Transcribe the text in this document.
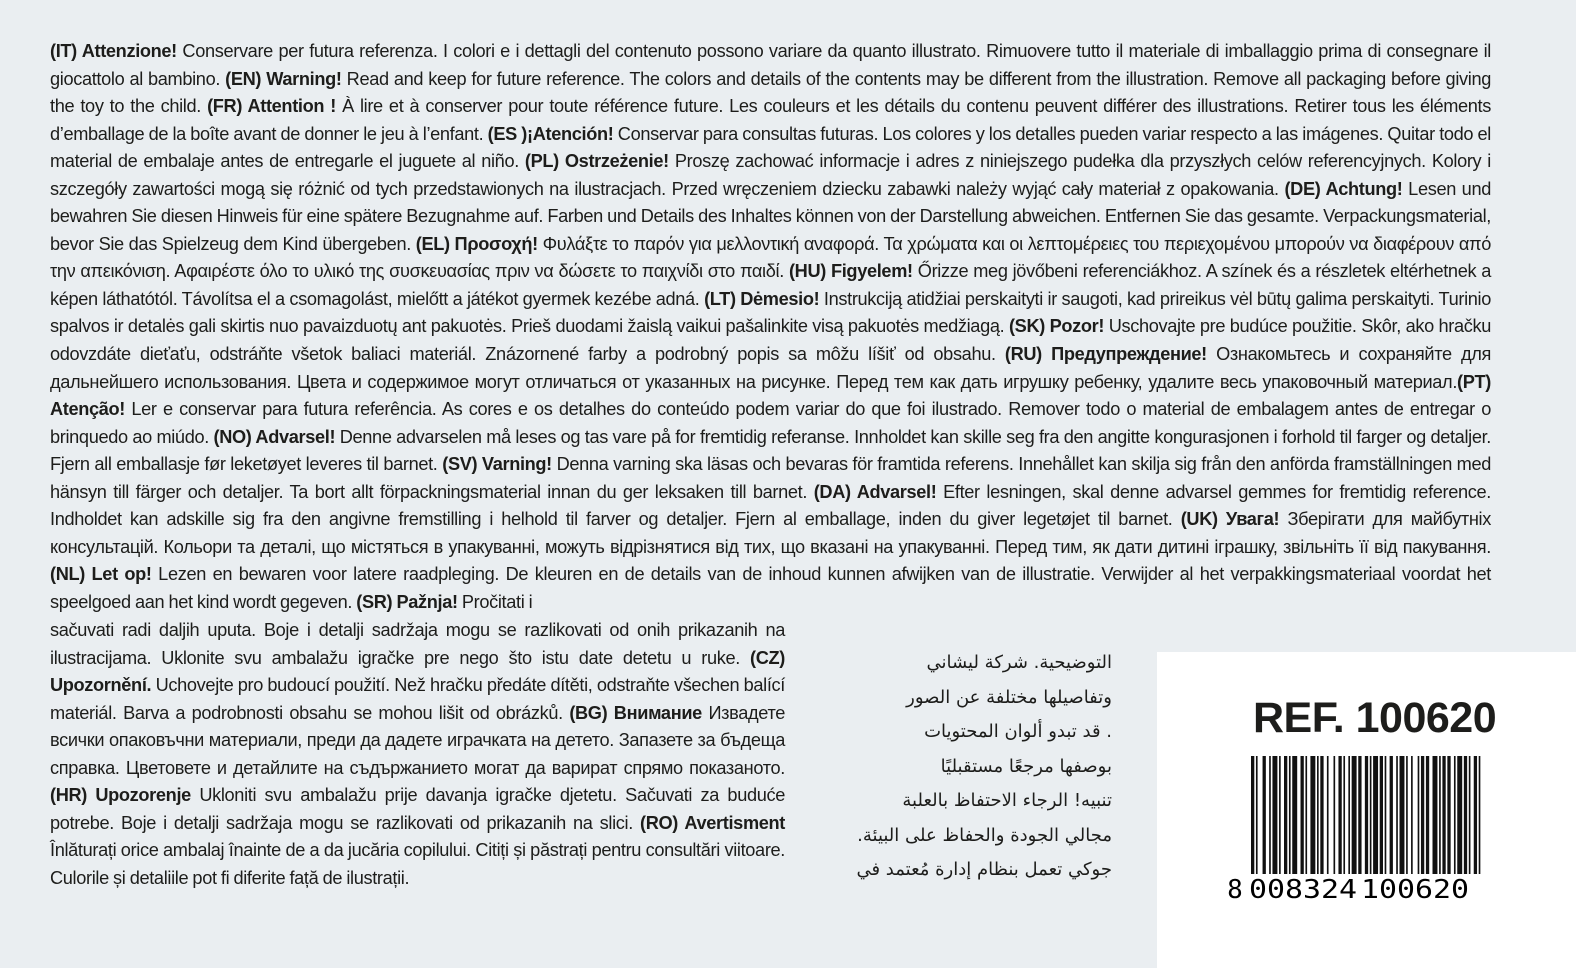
(IT) Attenzione! Conservare per futura referenza. I colori e i dettagli del contenuto possono variare da quanto illustrato. Rimuovere tutto il materiale di imballaggio prima di consegnare il giocattolo al bambino. (EN) Warning! Read and keep for future reference. The colors and details of the contents may be different from the illustration. Remove all packaging before giving the toy to the child. (FR) Attention ! À lire et à conserver pour toute référence future. Les couleurs et les détails du contenu peuvent différer des illustrations. Retirer tous les éléments d’emballage de la boîte avant de donner le jeu à l’enfant. (ES )¡Atención! Conservar para consultas futuras. Los colores y los detalles pueden variar respecto a las imágenes. Quitar todo el material de embalaje antes de entregarle el juguete al niño. (PL) Ostrzeżenie! Proszę zachować informacje i adres z niniejszego pudełka dla przyszłych celów referencyjnych. Kolory i szczegóły zawartości mogą się różnić od tych przedstawionych na ilustracjach. Przed wręczeniem dziecku zabawki należy wyjąć cały materiał z opakowania. (DE) Achtung! Lesen und bewahren Sie diesen Hinweis für eine spätere Bezugnahme auf. Farben und Details des Inhaltes können von der Darstellung abweichen. Entfernen Sie das gesamte. Verpackungsmaterial, bevor Sie das Spielzeug dem Kind übergeben. (EL) Προσοχή! Φυλάξτε το παρόν για μελλοντική αναφορά. Τα χρώματα και οι λεπτομέρειες του περιεχομένου μπορούν να διαφέρουν από την απεικόνιση. Αφαιρέστε όλο το υλικό της συσκευασίας πριν να δώσετε το παιχνίδι στο παιδί. (HU) Figyelem! Őrizze meg jövőbeni referenciákhoz. A színek és a részletek eltérhetnek a képen láthatótól. Távolítsa el a csomagolást, mielőtt a játékot gyermek kezébe adná. (LT) Dėmesio! Instrukciją atidžiai perskaityti ir saugoti, kad prireikus vėl būtų galima perskaityti. Turinio spalvos ir detalės gali skirtis nuo pavaizduotų ant pakuotės. Prieš duodami žaislą vaikui pašalinkite visą pakuotės medžiagą. (SK) Pozor! Uschovajte pre budúce použitie. Skôr, ako hračku odovzdáte dieťaťu, odstráňte všetok baliaci materiál. Znázornené farby a podrobný popis sa môžu líšiť od obsahu. (RU) Предупреждение! Ознакомьтесь и сохраняйте для дальнейшего использования. Цвета и содержимое могут отличаться от указанных на рисунке. Перед тем как дать игрушку ребенку, удалите весь упаковочный материал.(PT) Atenção! Ler e conservar para futura referência. As cores e os detalhes do conteúdo podem variar do que foi ilustrado. Remover todo o material de embalagem antes de entregar o brinquedo ao miúdo. (NO) Advarsel! Denne advarselen må leses og tas vare på for fremtidig referanse. Innholdet kan skille seg fra den angitte kongurasjonen i forhold til farger og detaljer. Fjern all emballasje før leketøyet leveres til barnet. (SV) Varning! Denna varning ska läsas och bevaras för framtida referens. Innehållet kan skilja sig från den anförda framställningen med hänsyn till färger och detaljer. Ta bort allt förpackningsmaterial innan du ger leksaken till barnet. (DA) Advarsel! Efter lesningen, skal denne advarsel gemmes for fremtidig reference. Indholdet kan adskille sig fra den angivne fremstilling i helhold til farver og detaljer. Fjern al emballage, inden du giver legetøjet til barnet. (UK) Увага! Зберігати для майбутніх консультацій. Кольори та деталі, що містяться в упакуванні, можуть відрізнятися від тих, що вказані на упакуванні. Перед тим, як дати дитині іграшку, звільніть її від пакування. (NL) Let op! Lezen en bewaren voor latere raadpleging. De kleuren en de details van de inhoud kunnen afwijken van de illustratie. Verwijder al het verpakkingsmateriaal voordat het speelgoed aan het kind wordt gegeven. (SR) Pažnja! Pročitati i

sačuvati radi daljih uputa. Boje i detalji sadržaja mogu se razlikovati od onih prikazanih na ilustracijama. Uklonite svu ambalažu igračke pre nego što istu date detetu u ruke. (CZ) Upozornění. Uchovejte pro budoucí použití. Než hračku předáte dítěti, odstraňte všechen balící materiál. Barva a podrobnosti obsahu se mohou lišit od obrázků. (BG) Внимание Извадете всички опаковъчни материали, преди да дадете играчката на детето. Запазете за бъдеща справка. Цветовете и детайлите на съдържанието могат да варират спрямо показаното. (HR) Upozorenje Ukloniti svu ambalažu prije davanja igračke djetetu. Sačuvati za buduće potrebe. Boje i detalji sadržaja mogu se razlikovati od prikazanih na slici. (RO) Avertisment Înlăturați orice ambalaj înainte de a da jucăria copilului. Citiți și păstrați pentru consultări viitoare. Culorile și detaliile pot fi diferite față de ilustrații.

التوضيحية. شركة ليشاني
وتفاصيلها مختلفة عن الصور
. قد تبدو ألوان المحتويات
بوصفها مرجعًا مستقبليًا
تنبيه! الرجاء الاحتفاظ بالعلبة
مجالي الجودة والحفاظ على البيئة.
جوكي تعمل بنظام إدارة مُعتمد في
REF. 100620
8 008324 100620
